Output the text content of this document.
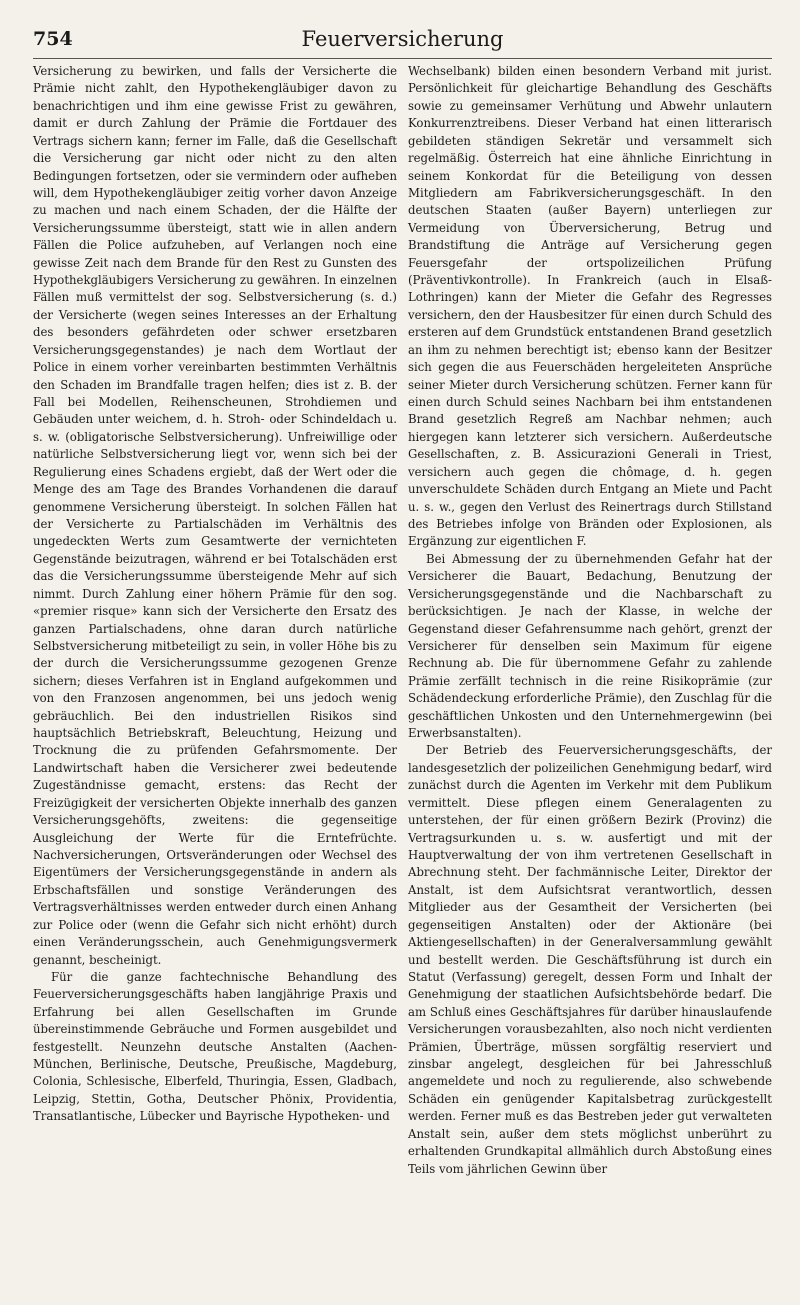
754	Feuerversicherung

Versicherung zu bewirken, und falls der Versicherte die Prämie nicht zahlt, den Hypothekengläubiger davon zu benachrichtigen und ihm eine gewisse Frist zu gewähren, damit er durch Zahlung der Prämie die Fortdauer des Vertrags sichern kann; ferner im Falle, daß die Gesellschaft die Versicherung gar nicht oder nicht zu den alten Bedingungen fortsetzen, oder sie vermindern oder aufheben will, dem Hypothekengläubiger zeitig vorher davon Anzeige zu machen und nach einem Schaden, der die Hälfte der Versicherungssumme übersteigt, statt wie in allen andern Fällen die Police aufzuheben, auf Verlangen noch eine gewisse Zeit nach dem Brande für den Rest zu Gunsten des Hypothekgläubigers Versicherung zu gewähren. In einzelnen Fällen muß vermittelst der sog. Selbstversicherung (s. d.) der Versicherte (wegen seines Interesses an der Erhaltung des besonders gefährdeten oder schwer ersetzbaren Versicherungsgegenstandes) je nach dem Wortlaut der Police in einem vorher vereinbarten bestimmten Verhältnis den Schaden im Brandfalle tragen helfen; dies ist z. B. der Fall bei Modellen, Reihenscheunen, Strohdiemen und Gebäuden unter weichem, d. h. Stroh- oder Schindeldach u. s. w. (obligatorische Selbstversicherung). Unfreiwillige oder natürliche Selbstversicherung liegt vor, wenn sich bei der Regulierung eines Schadens ergiebt, daß der Wert oder die Menge des am Tage des Brandes Vorhandenen die darauf genommene Versicherung übersteigt. In solchen Fällen hat der Versicherte zu Partialschäden im Verhältnis des ungedeckten Werts zum Gesamtwerte der vernichteten Gegenstände beizutragen, während er bei Totalschäden erst das die Versicherungssumme übersteigende Mehr auf sich nimmt. Durch Zahlung einer höhern Prämie für den sog. «premier risque» kann sich der Versicherte den Ersatz des ganzen Partialschadens, ohne daran durch natürliche Selbstversicherung mitbeteiligt zu sein, in voller Höhe bis zu der durch die Versicherungssumme gezogenen Grenze sichern; dieses Verfahren ist in England aufgekommen und von den Franzosen angenommen, bei uns jedoch wenig gebräuchlich. Bei den industriellen Risikos sind hauptsächlich Betriebskraft, Beleuchtung, Heizung und Trocknung die zu prüfenden Gefahrsmomente. Der Landwirtschaft haben die Versicherer zwei bedeutende Zugeständnisse gemacht, erstens: das Recht der Freizügigkeit der versicherten Objekte innerhalb des ganzen Versicherungsgehöfts, zweitens: die gegenseitige Ausgleichung der Werte für die Erntefrüchte. Nachversicherungen, Ortsveränderungen oder Wechsel des Eigentümers der Versicherungsgegenstände in andern als Erbschaftsfällen und sonstige Veränderungen des Vertragsverhältnisses werden entweder durch einen Anhang zur Police oder (wenn die Gefahr sich nicht erhöht) durch einen Veränderungsschein, auch Genehmigungsvermerk genannt, bescheinigt.

Für die ganze fachtechnische Behandlung des Feuerversicherungsgeschäfts haben langjährige Praxis und Erfahrung bei allen Gesellschaften im Grunde übereinstimmende Gebräuche und Formen ausgebildet und festgestellt. Neunzehn deutsche Anstalten (Aachen-München, Berlinische, Deutsche, Preußische, Magdeburg, Colonia, Schlesische, Elberfeld, Thuringia, Essen, Gladbach, Leipzig, Stettin, Gotha, Deutscher Phönix, Providentia, Transatlantische, Lübecker und Bayrische Hypotheken- und

Wechselbank) bilden einen besondern Verband mit jurist. Persönlichkeit für gleichartige Behandlung des Geschäfts sowie zu gemeinsamer Verhütung und Abwehr unlautern Konkurrenztreibens. Dieser Verband hat einen litterarisch gebildeten ständigen Sekretär und versammelt sich regelmäßig. Österreich hat eine ähnliche Einrichtung in seinem Konkordat für die Beteiligung von dessen Mitgliedern am Fabrikversicherungsgeschäft. In den deutschen Staaten (außer Bayern) unterliegen zur Vermeidung von Überversicherung, Betrug und Brandstiftung die Anträge auf Versicherung gegen Feuersgefahr der ortspolizeilichen Prüfung (Präventivkontrolle). In Frankreich (auch in Elsaß-Lothringen) kann der Mieter die Gefahr des Regresses versichern, den der Hausbesitzer für einen durch Schuld des ersteren auf dem Grundstück entstandenen Brand gesetzlich an ihm zu nehmen berechtigt ist; ebenso kann der Besitzer sich gegen die aus Feuerschäden hergeleiteten Ansprüche seiner Mieter durch Versicherung schützen. Ferner kann für einen durch Schuld seines Nachbarn bei ihm entstandenen Brand gesetzlich Regreß am Nachbar nehmen; auch hiergegen kann letzterer sich versichern. Außerdeutsche Gesellschaften, z. B. Assicurazioni Generali in Triest, versichern auch gegen die chômage, d. h. gegen unverschuldete Schäden durch Entgang an Miete und Pacht u. s. w., gegen den Verlust des Reinertrags durch Stillstand des Betriebes infolge von Bränden oder Explosionen, als Ergänzung zur eigentlichen F.

Bei Abmessung der zu übernehmenden Gefahr hat der Versicherer die Bauart, Bedachung, Benutzung der Versicherungsgegenstände und die Nachbarschaft zu berücksichtigen. Je nach der Klasse, in welche der Gegenstand dieser Gefahrensumme nach gehört, grenzt der Versicherer für denselben sein Maximum für eigene Rechnung ab. Die für übernommene Gefahr zu zahlende Prämie zerfällt technisch in die reine Risikoprämie (zur Schädendeckung erforderliche Prämie), den Zuschlag für die geschäftlichen Unkosten und den Unternehmergewinn (bei Erwerbsanstalten).

Der Betrieb des Feuerversicherungsgeschäfts, der landesgesetzlich der polizeilichen Genehmigung bedarf, wird zunächst durch die Agenten im Verkehr mit dem Publikum vermittelt. Diese pflegen einem Generalagenten zu unterstehen, der für einen größern Bezirk (Provinz) die Vertragsurkunden u. s. w. ausfertigt und mit der Hauptverwaltung der von ihm vertretenen Gesellschaft in Abrechnung steht. Der fachmännische Leiter, Direktor der Anstalt, ist dem Aufsichtsrat verantwortlich, dessen Mitglieder aus der Gesamtheit der Versicherten (bei gegenseitigen Anstalten) oder der Aktionäre (bei Aktiengesellschaften) in der Generalversammlung gewählt und bestellt werden. Die Geschäftsführung ist durch ein Statut (Verfassung) geregelt, dessen Form und Inhalt der Genehmigung der staatlichen Aufsichtsbehörde bedarf. Die am Schluß eines Geschäftsjahres für darüber hinauslaufende Versicherungen vorausbezahlten, also noch nicht verdienten Prämien, Überträge, müssen sorgfältig reserviert und zinsbar angelegt, desgleichen für bei Jahresschluß angemeldete und noch zu regulierende, also schwebende Schäden ein genügender Kapitalsbetrag zurückgestellt werden. Ferner muß es das Bestreben jeder gut verwalteten Anstalt sein, außer dem stets möglichst unberührt zu erhaltenden Grundkapital allmählich durch Abstoßung eines Teils vom jährlichen Gewinn über
